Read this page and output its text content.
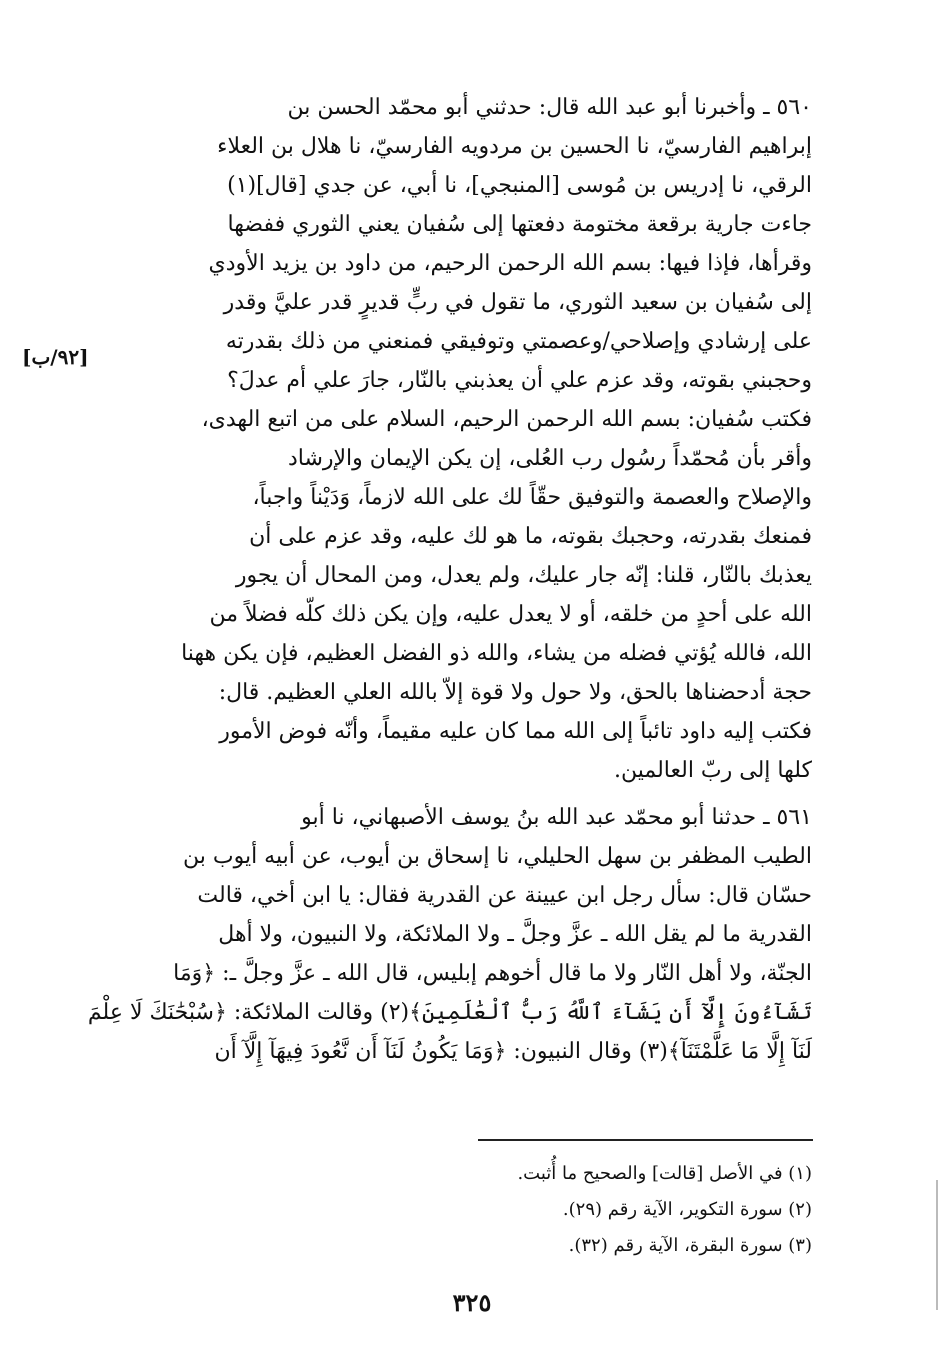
٥٦٠ ـ وأخبرنا أبو عبد الله قال: حدثني أبو محمّد الحسن بن
إبراهيم الفارسيّ، نا الحسين بن مردويه الفارسيّ، نا هلال بن العلاء
الرقي، نا إدريس بن مُوسى [المنبجي]، نا أبي، عن جدي [قال](١)
جاءت جارية برقعة مختومة دفعتها إلى سُفيان يعني الثوري ففضها
وقرأها، فإذا فيها: بسم الله الرحمن الرحيم، من داود بن يزيد الأودي
إلى سُفيان بن سعيد الثوري، ما تقول في ربٍّ قديرٍ قدر عليَّ وقدر
على إرشادي وإصلاحي/وعصمتي وتوفيقي فمنعني من ذلك بقدرته
وحجبني بقوته، وقد عزم علي أن يعذبني بالنّار، جارَ علي أم عدلَ؟
فكتب سُفيان: بسم الله الرحمن الرحيم، السلام على من اتبع الهدى،
وأقر بأن مُحمّداً رسُول رب العُلى، إن يكن الإيمان والإرشاد
والإصلاح والعصمة والتوفيق حقّاً لك على الله لازماً، وَدَيْناً واجباً،
فمنعك بقدرته، وحجبك بقوته، ما هو لك عليه، وقد عزم على أن
يعذبك بالنّار، قلنا: إنّه جار عليك، ولم يعدل، ومن المحال أن يجور
الله على أحدٍ من خلقه، أو لا يعدل عليه، وإن يكن ذلك كلّه فضلاً من
الله، فالله يُؤتي فضله من يشاء، والله ذو الفضل العظيم، فإن يكن ههنا
حجة أدحضناها بالحق، ولا حول ولا قوة إلاّ بالله العلي العظيم. قال:
فكتب إليه داود تائباً إلى الله مما كان عليه مقيماً، وأنّه فوض الأمور
كلها إلى ربّ العالمين.
٥٦١ ـ حدثنا أبو محمّد عبد الله بنُ يوسف الأصبهاني، نا أبو
الطيب المظفر بن سهل الحليلي، نا إسحاق بن أيوب، عن أبيه أيوب بن
حسّان قال: سأل رجل ابن عيينة عن القدرية فقال: يا ابن أخي، قالت
القدرية ما لم يقل الله ـ عزَّ وجلَّ ـ ولا الملائكة، ولا النبيون، ولا أهل
الجنّة، ولا أهل النّار ولا ما قال أخوهم إبليس، قال الله ـ عزَّ وجلَّ ـ: ﴿وَمَا
تَشَآءُونَ إِلَّآ أَن يَشَآءَ ٱللَّهُ رَبُّ ٱلْعَٰلَمِينَ﴾(٢) وقالت الملائكة: ﴿سُبْحَٰنَكَ لَا عِلْمَ
لَنَآ إِلَّا مَا عَلَّمْتَنَآ﴾(٣) وقال النبيون: ﴿وَمَا يَكُونُ لَنَآ أَن نَّعُودَ فِيهَآ إِلَّآ أَن
[٩٢/ب]
(١) في الأصل [قالت] والصحيح ما أُثبت.
(٢) سورة التكوير، الآية رقم (٢٩).
(٣) سورة البقرة، الآية رقم (٣٢).
٣٢٥
